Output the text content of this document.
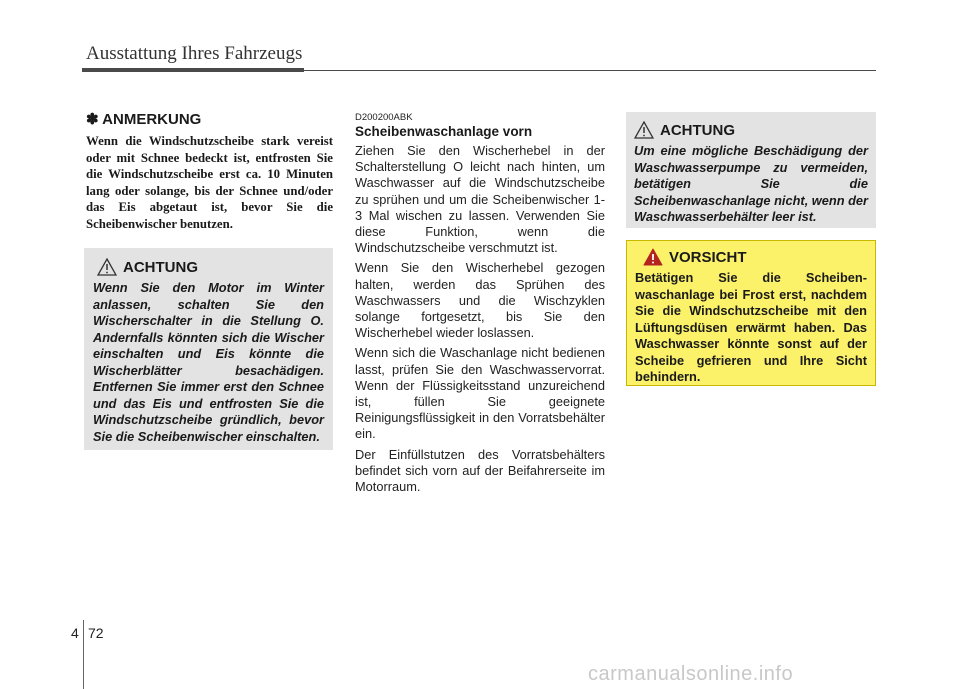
Ausstattung Ihres Fahrzeugs
✽ ANMERKUNG

Wenn die Windschutzscheibe stark vereist oder mit Schnee bedeckt ist, entfrosten Sie die Windschutzscheibe erst ca. 10 Minuten lang oder solange, bis der Schnee und/oder das Eis abgetaut ist, bevor Sie die Scheibenwischer benutzen.

ACHTUNG

Wenn Sie den Motor im Winter anlassen, schalten Sie den Wischerschalter in die Stellung O. Andernfalls könnten sich die Wischer einschalten und Eis könnte die Wischerblätter besachädigen. Entfernen Sie immer erst den Schnee und das Eis und entfrosten Sie die Windschutzscheibe gründlich, bevor Sie die Scheibenwischer einschalten.

D200200ABK
Scheibenwaschanlage vorn

Ziehen Sie den Wischerhebel in der Schalterstellung O leicht nach hinten, um Waschwasser auf die Windschutzscheibe zu sprühen und um die Scheibenwischer 1-3 Mal wischen zu lassen. Verwenden Sie diese Funktion, wenn die Windschutzscheibe verschmutzt ist.

Wenn Sie den Wischerhebel gezogen halten, werden das Sprühen des Waschwassers und die Wischzyklen solange fortgesetzt, bis Sie den Wischerhebel wieder loslassen.

Wenn sich die Waschanlage nicht bedienen lasst, prüfen Sie den Waschwasservorrat. Wenn der Flüssigkeitsstand unzureichend ist, füllen Sie geeignete Reinigungsflüssigkeit in den Vorratsbehälter ein.

Der Einfüllstutzen des Vorratsbehälters befindet sich vorn auf der Beifahrerseite im Motorraum.

ACHTUNG

Um eine mögliche Beschädigung der Waschwasserpumpe zu vermeiden, betätigen Sie die Scheibenwaschanlage nicht, wenn der Waschwasserbehälter leer ist.

VORSICHT

Betätigen Sie die Scheiben-waschanlage bei Frost erst, nachdem Sie die Windschutzscheibe mit den Lüftungsdüsen erwärmt haben. Das Waschwasser könnte sonst auf der Scheibe gefrieren und Ihre Sicht behindern.

4 72
carmanualsonline.info
